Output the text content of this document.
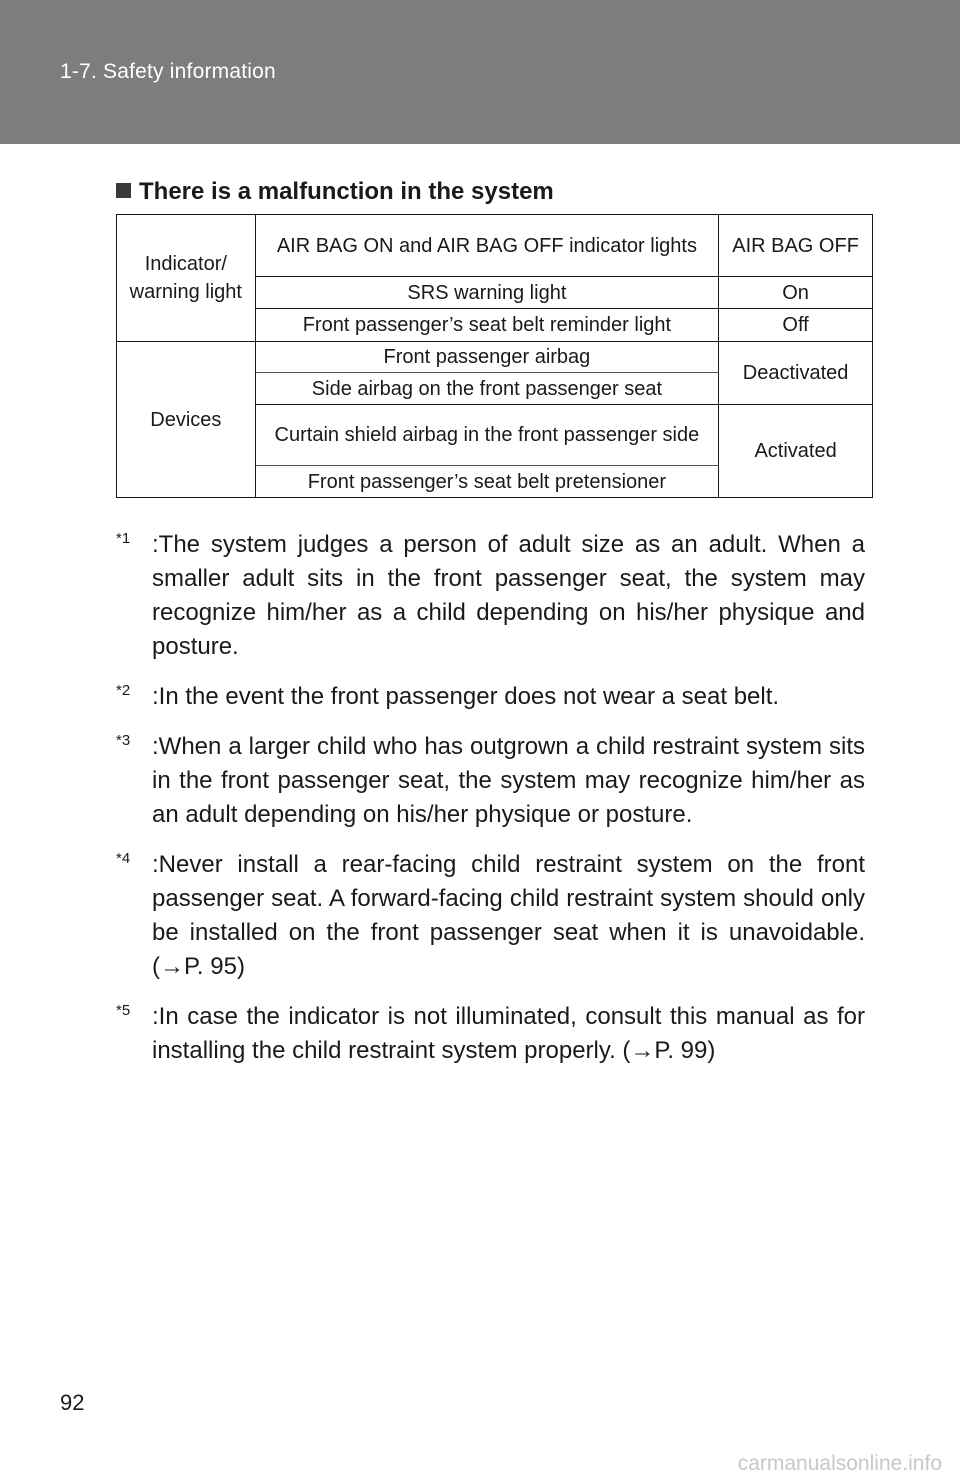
1-7. Safety information
There is a malfunction in the system
Indicator/ warning light	AIR BAG ON and AIR BAG OFF indicator lights	AIR BAG OFF
	SRS warning light	On
	Front passenger’s seat belt reminder light	Off
Devices	Front passenger airbag	Deactivated
	Side airbag on the front passenger seat	
	Curtain shield airbag in the front passenger side	Activated
	Front passenger’s seat belt pretensioner	
$^{*1}$ :The system judges a person of adult size as an adult. When a smaller adult sits in the front passenger seat, the system may recognize him/her as a child depending on his/her physique and posture.
$^{*2}$ :In the event the front passenger does not wear a seat belt.
$^{*3}$ :When a larger child who has outgrown a child restraint system sits in the front passenger seat, the system may recognize him/her as an adult depending on his/her physique or posture.
$^{*4}$ :Never install a rear-facing child restraint system on the front passenger seat. A forward-facing child restraint system should only be installed on the front passenger seat when it is unavoidable. (→P. 95)
$^{*5}$ :In case the indicator is not illuminated, consult this manual as for installing the child restraint system properly. (→P. 99)
92
carmanualsonline.info
